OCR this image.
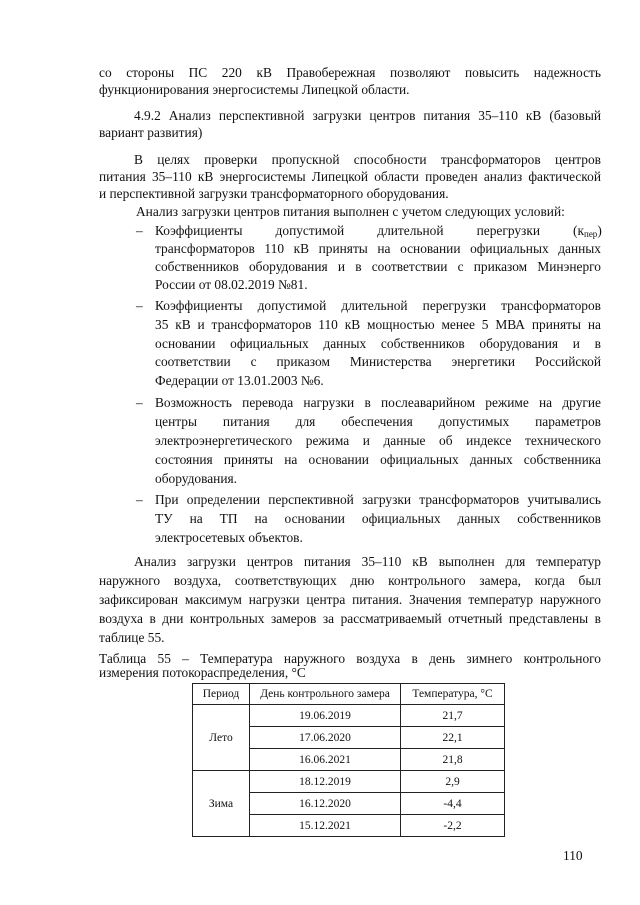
со стороны ПС 220 кВ Правобережная позволяют повысить надежность
функционирования энергосистемы Липецкой области.
4.9.2 Анализ перспективной загрузки центров питания 35–110 кВ (базовый
вариант развития)
В целях проверки пропускной способности трансформаторов центров
питания 35–110 кВ энергосистемы Липецкой области проведен анализ фактической
и перспективной загрузки трансформаторного оборудования.
Анализ загрузки центров питания выполнен с учетом следующих условий:
– Коэффициенты допустимой длительной перегрузки $(к_{пер})$
трансформаторов 110 кВ приняты на основании официальных данных
собственников оборудования и в соответствии с приказом Минэнерго
России от 08.02.2019 №81.
– Коэффициенты допустимой длительной перегрузки трансформаторов
35 кВ и трансформаторов 110 кВ мощностью менее 5 МВА приняты на
основании официальных данных собственников оборудования и в
соответствии с приказом Министерства энергетики Российской
Федерации от 13.01.2003 №6.
– Возможность перевода нагрузки в послеаварийном режиме на другие
центры питания для обеспечения допустимых параметров
электроэнергетического режима и данные об индексе технического
состояния приняты на основании официальных данных собственника
оборудования.
– При определении перспективной загрузки трансформаторов учитывались
ТУ на ТП на основании официальных данных собственников
электросетевых объектов.
Анализ загрузки центров питания 35–110 кВ выполнен для температур
наружного воздуха, соответствующих дню контрольного замера, когда был
зафиксирован максимум нагрузки центра питания. Значения температур наружного
воздуха в дни контрольных замеров за рассматриваемый отчетный представлены в
таблице 55.
Таблица 55 – Температура наружного воздуха в день зимнего контрольного
измерения потокораспределения, °С
Период	День контрольного замера	Температура, °С
Лето	19.06.2019	21,7
	17.06.2020	22,1
	16.06.2021	21,8
Зима	18.12.2019	2,9
	16.12.2020	-4,4
	15.12.2021	-2,2
110
